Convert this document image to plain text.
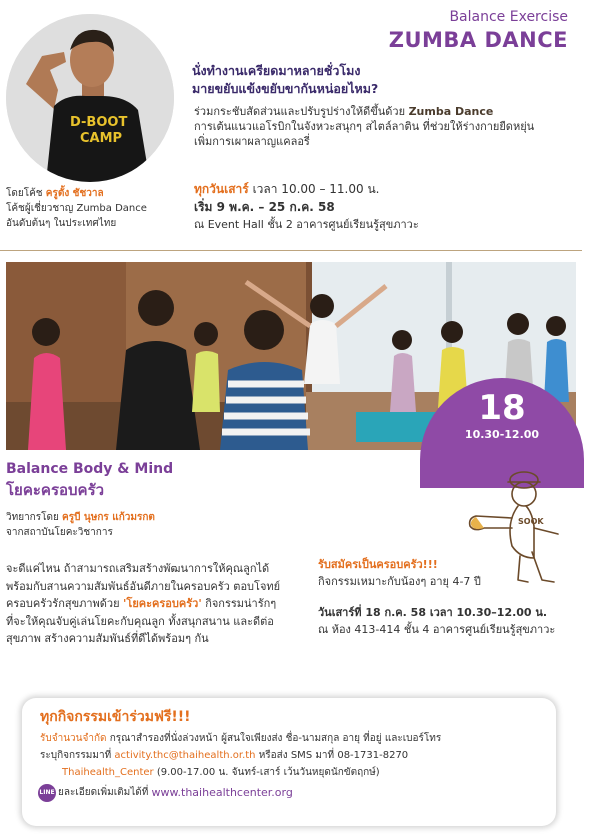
Balance Exercise
ZUMBA DANCE
D-BOOT
CAMP
นั่งทำงานเครียดมาหลายชั่วโมง
มายขยับแข้งขยับขากันหน่อยไหม?
ร่วมกระชับสัดส่วนและปรับรูปร่างให้ดีขึ้นด้วย Zumba Dance
การเต้นแนวแอโรบิกในจังหวะสนุกๆ สไตล์ลาติน ที่ช่วยให้ร่างกายยืดหยุ่น
เพิ่มการเผาผลาญแคลอรี่
ทุกวันเสาร์ เวลา 10.00 – 11.00 น.
เริ่ม 9 พ.ค. – 25 ก.ค. 58
ณ Event Hall ชั้น 2 อาคารศูนย์เรียนรู้สุขภาวะ
โดยโค้ช ครูตั้ง ชัชวาล
โค้ชผู้เชี่ยวชาญ Zumba Dance
อันดับต้นๆ ในประเทศไทย
18
10.30-12.00
Balance Body & Mind
โยคะครอบครัว
วิทยากรโดย ครูบี นุษกร แก้วมรกต
จากสถาบันโยคะวิชาการ
จะดีแค่ไหน ถ้าสามารถเสริมสร้างพัฒนาการให้คุณลูกได้
พร้อมกับสานความสัมพันธ์อันดีภายในครอบครัว ตอบโจทย์
ครอบครัวรักสุขภาพด้วย 'โยคะครอบครัว' กิจกรรมน่ารักๆ
ที่จะให้คุณจับคู่เล่นโยคะกับคุณลูก ทั้งสนุกสนาน และดีต่อ
สุขภาพ สร้างความสัมพันธ์ที่ดีได้พร้อมๆ กัน
SOOK
รับสมัครเป็นครอบครัว!!!
กิจกรรมเหมาะกับน้องๆ อายุ 4-7 ปี
วันเสาร์ที่ 18 ก.ค. 58 เวลา 10.30–12.00 น.
ณ ห้อง 413-414 ชั้น 4 อาคารศูนย์เรียนรู้สุขภาวะ
ทุกกิจกรรมเข้าร่วมฟรี!!!
รับจำนวนจำกัด กรุณาสำรองที่นั่งล่วงหน้า ผู้สนใจเพียงส่ง ชื่อ-นามสกุล อายุ ที่อยู่ และเบอร์โทร
ระบุกิจกรรมมาที่ activity.thc@thaihealth.or.th หรือส่ง SMS มาที่ 08-1731-8270
Thaihealth_Center (9.00-17.00 น. จันทร์-เสาร์ เว้นวันหยุดนักขัตฤกษ์)
LINE ยละเอียดเพิ่มเติมได้ที่
www.thaihealthcenter.org
